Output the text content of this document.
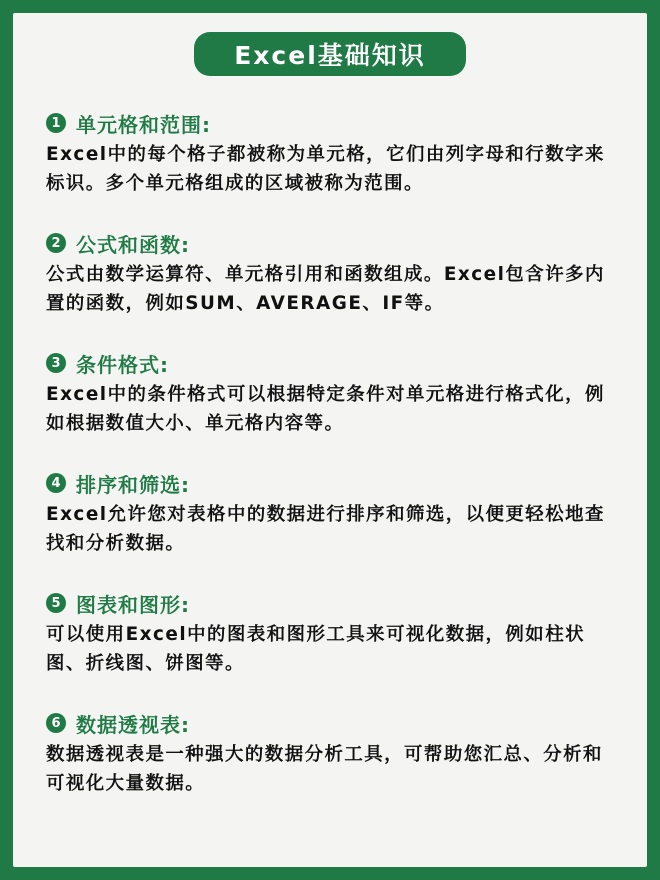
Excel基础知识
1 单元格和范围:
Excel中的每个格子都被称为单元格，它们由列字母和行数字来标识。多个单元格组成的区域被称为范围。
2 公式和函数:
公式由数学运算符、单元格引用和函数组成。Excel包含许多内置的函数，例如SUM、AVERAGE、IF等。
3 条件格式:
Excel中的条件格式可以根据特定条件对单元格进行格式化，例如根据数值大小、单元格内容等。
4 排序和筛选:
Excel允许您对表格中的数据进行排序和筛选，以便更轻松地查找和分析数据。
5 图表和图形:
可以使用Excel中的图表和图形工具来可视化数据，例如柱状图、折线图、饼图等。
6 数据透视表:
数据透视表是一种强大的数据分析工具，可帮助您汇总、分析和可视化大量数据。
